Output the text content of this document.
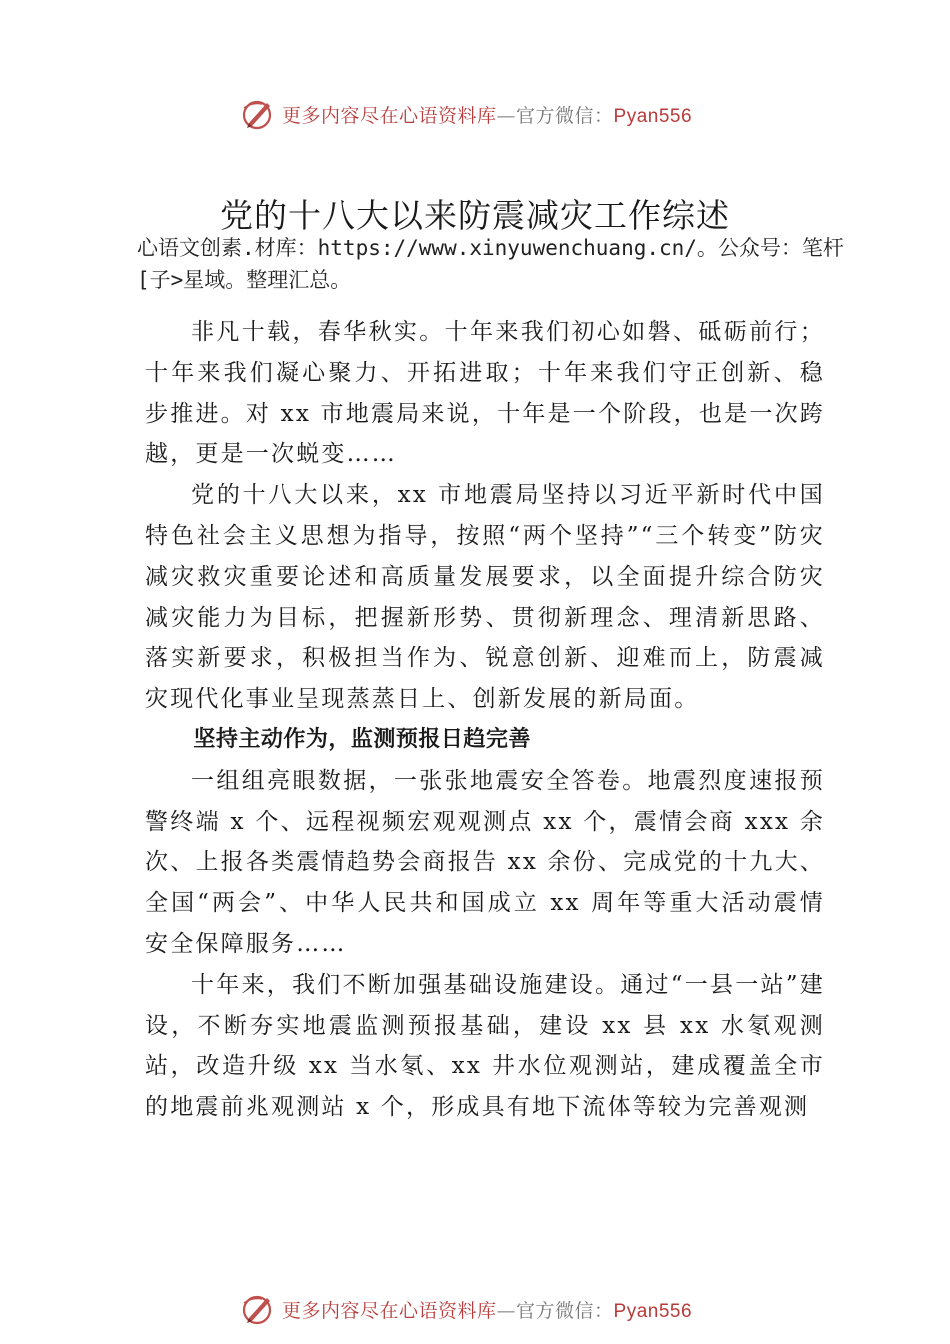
更多内容尽在心语资料库—官方微信：Pyan556
党的十八大以来防震减灾工作综述

心语文创素.材库：https://www.xinyuwenchuang.cn/。公众号：笔杆[子>星域。整理汇总。

非凡十载，春华秋实。十年来我们初心如磐、砥砺前行；十年来我们凝心聚力、开拓进取；十年来我们守正创新、稳步推进。对 xx 市地震局来说，十年是一个阶段，也是一次跨越，更是一次蜕变……

党的十八大以来，xx 市地震局坚持以习近平新时代中国特色社会主义思想为指导，按照“两个坚持”“三个转变”防灾减灾救灾重要论述和高质量发展要求，以全面提升综合防灾减灾能力为目标，把握新形势、贯彻新理念、理清新思路、 落实新要求，积极担当作为、锐意创新、迎难而上，防震减灾现代化事业呈现蒸蒸日上、创新发展的新局面。

坚持主动作为，监测预报日趋完善

一组组亮眼数据，一张张地震安全答卷。地震烈度速报预警终端 x 个、远程视频宏观观测点 xx 个，震情会商 xxx 余次、上报各类震情趋势会商报告 xx 余份、完成党的十九大、全国“两会”、中华人民共和国成立 xx 周年等重大活动震情安全保障服务……

十年来，我们不断加强基础设施建设。通过“一县一站”建设，不断夯实地震监测预报基础，建设 xx 县 xx 水氡观测站，改造升级 xx 当水氡、xx 井水位观测站，建成覆盖全市的地震前兆观测站 x 个，形成具有地下流体等较为完善观测

更多内容尽在心语资料库—官方微信：Pyan556
